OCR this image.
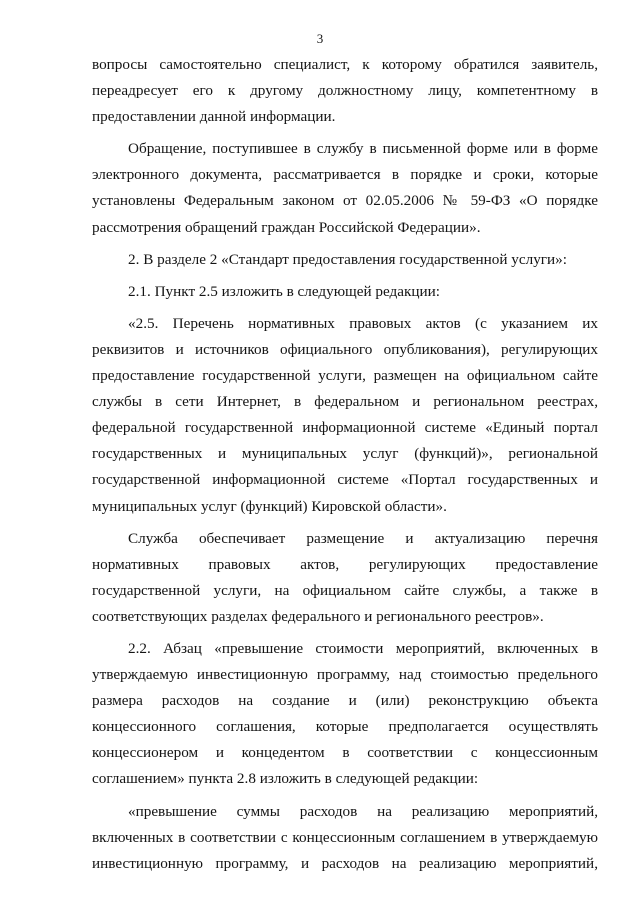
3
вопросы самостоятельно специалист, к которому обратился заявитель,
переадресует его к другому должностному лицу, компетентному в
предоставлении данной информации.
Обращение, поступившее в службу в письменной форме или в форме
электронного документа, рассматривается в порядке и сроки, которые
установлены Федеральным законом от 02.05.2006 № 59-ФЗ «О порядке
рассмотрения обращений граждан Российской Федерации».
2. В разделе 2 «Стандарт предоставления государственной услуги»:
2.1. Пункт 2.5 изложить в следующей редакции:
«2.5. Перечень нормативных правовых актов (с указанием их
реквизитов и источников официального опубликования), регулирующих
предоставление государственной услуги, размещен на официальном сайте
службы в сети Интернет, в федеральном и региональном реестрах,
федеральной государственной информационной системе «Единый портал
государственных и муниципальных услуг (функций)», региональной
государственной информационной системе «Портал государственных и
муниципальных услуг (функций) Кировской области».
Служба обеспечивает размещение и актуализацию перечня
нормативных правовых актов, регулирующих предоставление
государственной услуги, на официальном сайте службы, а также в
соответствующих разделах федерального и регионального реестров».
2.2. Абзац «превышение стоимости мероприятий, включенных в
утверждаемую инвестиционную программу, над стоимостью предельного
размера расходов на создание и (или) реконструкцию объекта
концессионного соглашения, которые предполагается осуществлять
концессионером и концедентом в соответствии с концессионным
соглашением» пункта 2.8 изложить в следующей редакции:
«превышение суммы расходов на реализацию мероприятий,
включенных в соответствии с концессионным соглашением в утверждаемую
инвестиционную программу, и расходов на реализацию мероприятий,
